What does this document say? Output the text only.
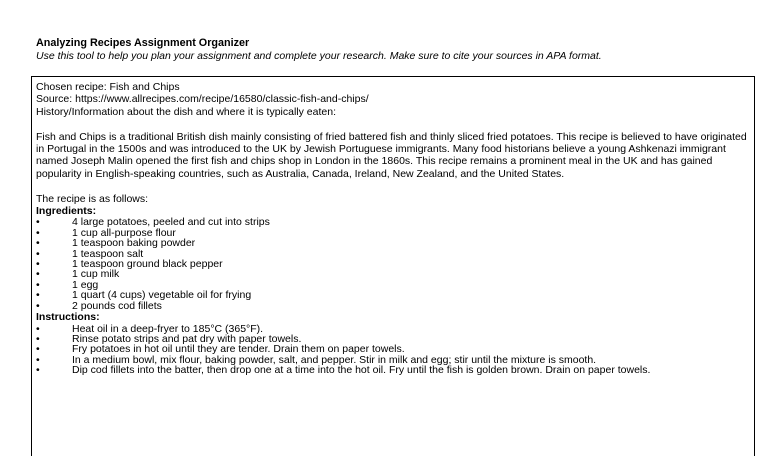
Analyzing Recipes Assignment Organizer

Use this tool to help you plan your assignment and complete your research. Make sure to cite your sources in APA format.

Chosen recipe: Fish and Chips

Source: https://www.allrecipes.com/recipe/16580/classic-fish-and-chips/

History/Information about the dish and where it is typically eaten:

Fish and Chips is a traditional British dish mainly consisting of fried battered fish and thinly sliced fried potatoes. This recipe is believed to have originated in Portugal in the 1500s and was introduced to the UK by Jewish Portuguese immigrants. Many food historians believe a young Ashkenazi immigrant named Joseph Malin opened the first fish and chips shop in London in the 1860s. This recipe remains a prominent meal in the UK and has gained popularity in English-speaking countries, such as Australia, Canada, Ireland, New Zealand, and the United States.

The recipe is as follows:

Ingredients:

•
4 large potatoes, peeled and cut into strips
•
1 cup all-purpose flour
•
1 teaspoon baking powder
•
1 teaspoon salt
•
1 teaspoon ground black pepper
•
1 cup milk
•
1 egg
•
1 quart (4 cups) vegetable oil for frying
•
2 pounds cod fillets

Instructions:

•
Heat oil in a deep-fryer to 185°C (365°F).
•
Rinse potato strips and pat dry with paper towels.
•
Fry potatoes in hot oil until they are tender. Drain them on paper towels.
•
In a medium bowl, mix flour, baking powder, salt, and pepper. Stir in milk and egg; stir until the mixture is smooth.
•
Dip cod fillets into the batter, then drop one at a time into the hot oil. Fry until the fish is golden brown. Drain on paper towels.
